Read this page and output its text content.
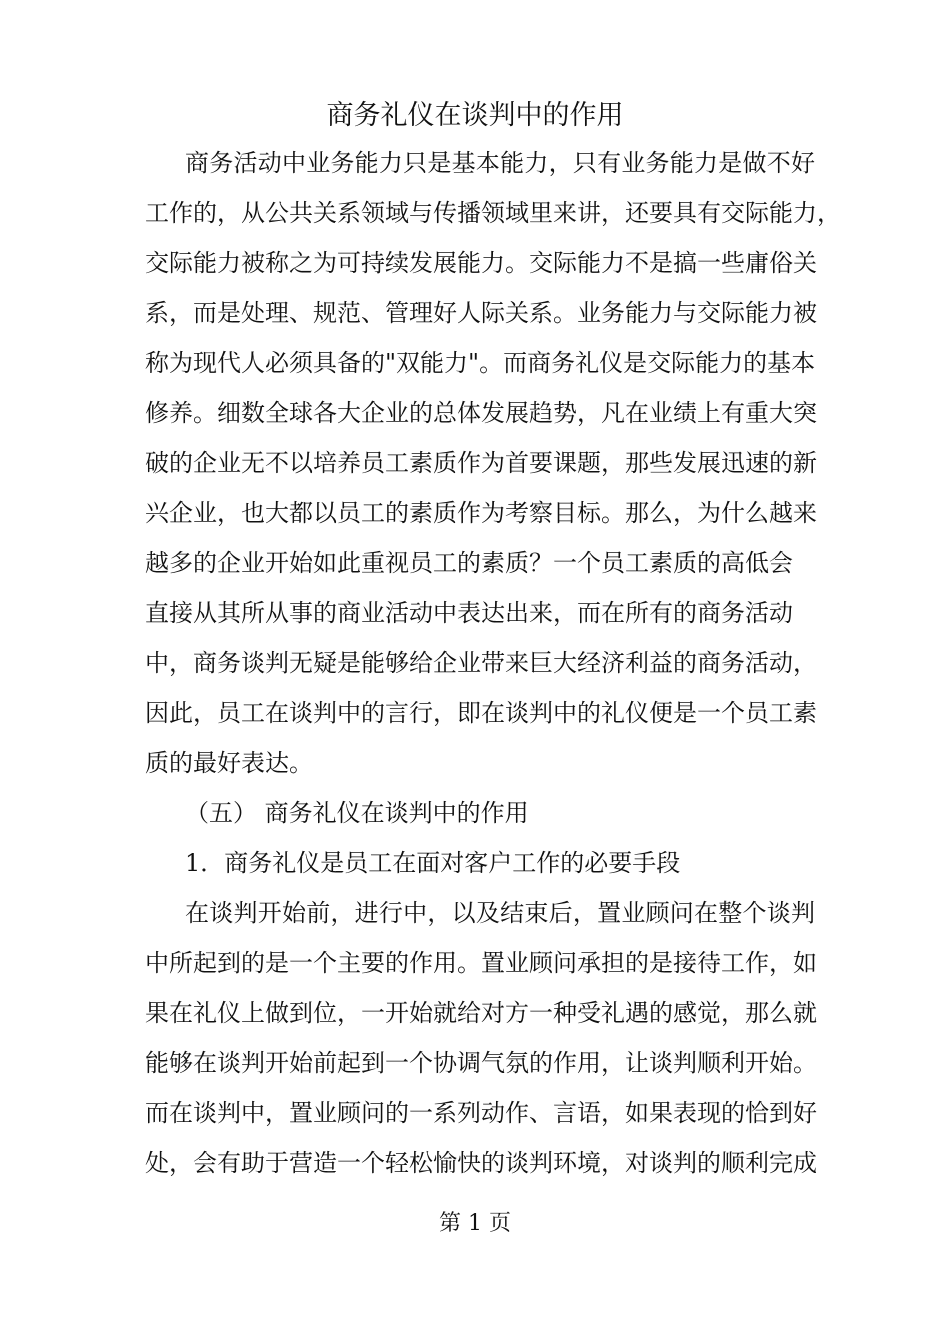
商务礼仪在谈判中的作用
商务活动中业务能力只是基本能力，只有业务能力是做不好
工作的，从公共关系领域与传播领域里来讲，还要具有交际能力，
交际能力被称之为可持续发展能力。交际能力不是搞一些庸俗关
系，而是处理、规范、管理好人际关系。业务能力与交际能力被
称为现代人必须具备的"双能力"。而商务礼仪是交际能力的基本
修养。细数全球各大企业的总体发展趋势，凡在业绩上有重大突
破的企业无不以培养员工素质作为首要课题，那些发展迅速的新
兴企业，也大都以员工的素质作为考察目标。那么，为什么越来
越多的企业开始如此重视员工的素质？一个员工素质的高低会
直接从其所从事的商业活动中表达出来，而在所有的商务活动
中，商务谈判无疑是能够给企业带来巨大经济利益的商务活动，
因此，员工在谈判中的言行，即在谈判中的礼仪便是一个员工素
质的最好表达。
（五） 商务礼仪在谈判中的作用
1．商务礼仪是员工在面对客户工作的必要手段
在谈判开始前，进行中，以及结束后，置业顾问在整个谈判
中所起到的是一个主要的作用。置业顾问承担的是接待工作，如
果在礼仪上做到位，一开始就给对方一种受礼遇的感觉，那么就
能够在谈判开始前起到一个协调气氛的作用，让谈判顺利开始。
而在谈判中，置业顾问的一系列动作、言语，如果表现的恰到好
处，会有助于营造一个轻松愉快的谈判环境，对谈判的顺利完成
第 1 页
